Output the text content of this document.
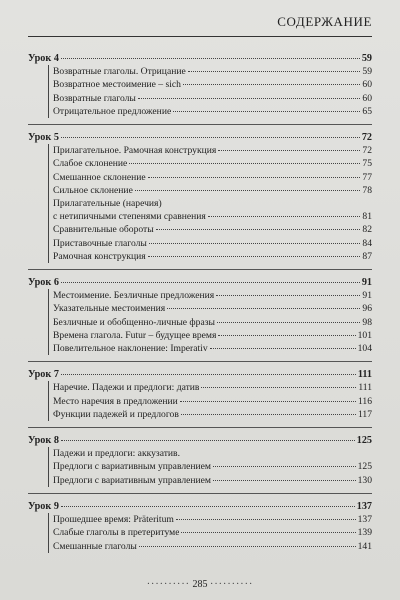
СОДЕРЖАНИЕ
Урок 4	59
Возвратные глаголы. Отрицание	59
Возвратное местоимение – sich	60
Возвратные глаголы	60
Отрицательное предложение	65
Урок 5	72
Прилагательное. Рамочная конструкция	72
Слабое склонение	75
Смешанное склонение	77
Сильное склонение	78
Прилагательные (наречия)
с нетипичными степенями сравнения	81
Сравнительные обороты	82
Приставочные глаголы	84
Рамочная конструкция	87
Урок 6	91
Местоимение. Безличные предложения	91
Указательные местоимения	96
Безличные и обобщенно-личные фразы	98
Времена глагола. Futur – будущее время	101
Повелительное наклонение: Imperativ	104
Урок 7	111
Наречие. Падежи и предлоги: датив	111
Место наречия в предложении	116
Функции падежей и предлогов	117
Урок 8	125
Падежи и предлоги: аккузатив.
Предлоги с вариативным управлением	125
Предлоги с вариативным управлением	130
Урок 9	137
Прошедшее время: Präteritum	137
Слабые глаголы в претеритуме	139
Смешанные глаголы	141
·········· 285 ··········
